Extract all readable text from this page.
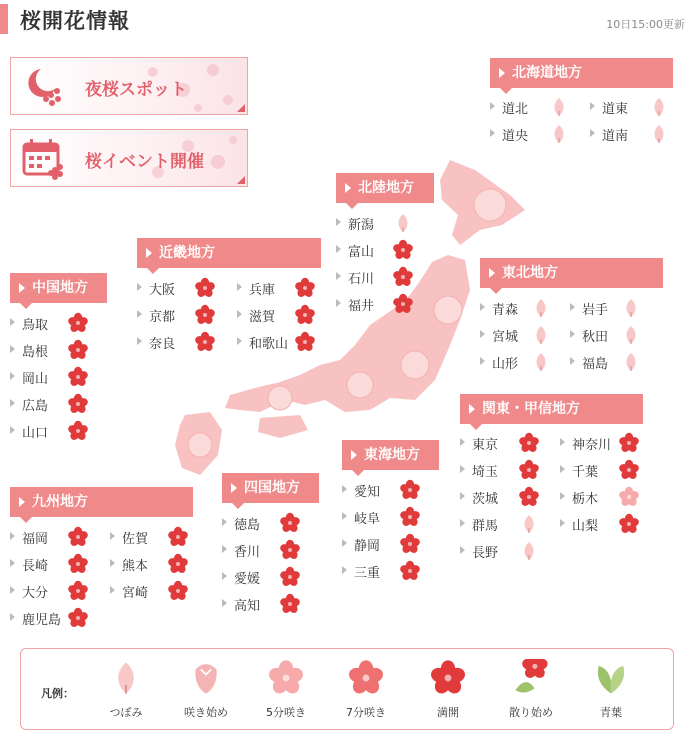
桜開花情報	10日15:00更新
夜桜スポット
桜イベント開催
北海道地方
道北	道東
道央	道南
北陸地方
新潟
富山
石川
福井
近畿地方
大阪	兵庫
京都	滋賀
奈良	和歌山
中国地方
鳥取
島根
岡山
広島
山口
東北地方
青森	岩手
宮城	秋田
山形	福島
関東・甲信地方
東京	神奈川
埼玉	千葉
茨城	栃木
群馬	山梨
長野
東海地方
愛知
岐阜
静岡
三重
四国地方
徳島
香川
愛媛
高知
九州地方
福岡	佐賀
長崎	熊本
大分	宮崎
鹿児島
凡例：
つぼみ	咲き始め	5分咲き	7分咲き	満開	散り始め	青葉
